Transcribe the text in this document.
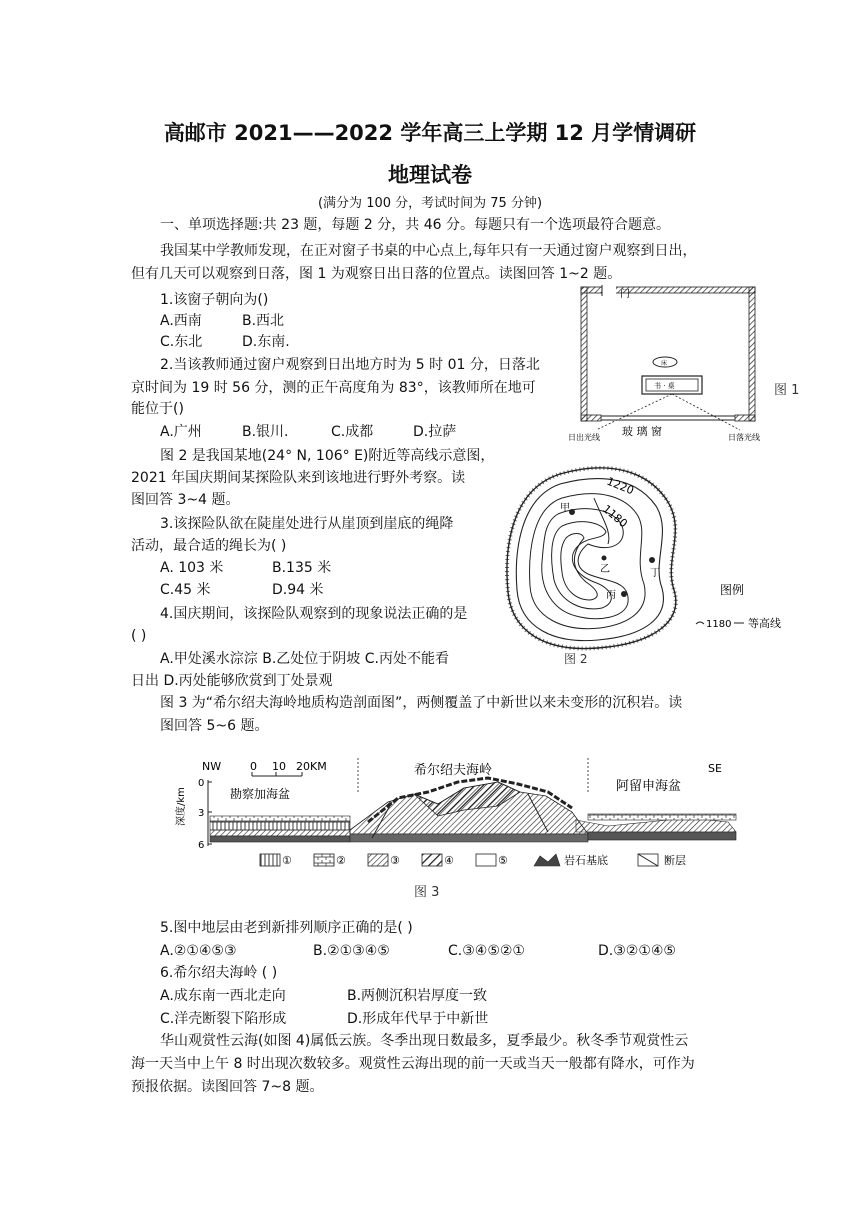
高邮市 2021——2022 学年高三上学期 12 月学情调研
地理试卷
(满分为 100 分，考试时间为 75 分钟)
一、单项选择题:共 23 题，每题 2 分，共 46 分。每题只有一个选项最符合题意。
我国某中学教师发现，在正对窗子书桌的中心点上,每年只有一天通过窗户观察到日出，
但有几天可以观察到日落，图 1 为观察日出日落的位置点。读图回答 1~2 题。
1.该窗子朝向为()
A.西南	B.西北
C.东北	D.东南.
2.当该教师通过窗户观察到日出地方时为 5 时 01 分，日落北
京时间为 19 时 56 分，测的正午高度角为 83°，该教师所在地可
能位于()
A.广州	B.银川.	C.成都	D.拉萨
图 2 是我国某地(24° N, 106° E)附近等高线示意图，
2021 年国庆期间某探险队来到该地进行野外考察。读
图回答 3~4 题。
3.该探险队欲在陡崖处进行从崖顶到崖底的绳降
活动，最合适的绳长为( )
A. 103 米	B.135 米
C.45 米	D.94 米
4.国庆期间，该探险队观察到的现象说法正确的是
( )
A.甲处溪水淙淙 B.乙处位于阴坡 C.丙处不能看
日出 D.丙处能够欣赏到丁处景观
图 3 为“希尔绍夫海岭地质构造剖面图”，两侧覆盖了中新世以来未变形的沉积岩。读
图回答 5~6 题。
5.图中地层由老到新排列顺序正确的是( )
A.②①④⑤③	B.②①③④⑤	C.③④⑤②①	D.③②①④⑤
6.希尔绍夫海岭 ( )
A.成东南一西北走向	B.两侧沉积岩厚度一致
C.洋壳断裂下陷形成	D.形成年代早于中新世
华山观赏性云海(如图 4)属低云族。冬季出现日数最多，夏季最少。秋冬季节观赏性云
海一天当中上午 8 时出现次数较多。观赏性云海出现的前一天或当天一般都有降水，可作为
预报依据。读图回答 7~8 题。
门
床
书 · 桌
玻 璃 窗
日出光线	日落光线
图 1
甲
乙
丙
丁
1220
1180
图例
1180 等高线
图 2
NW	0 10 20KM	SE
希尔绍夫海岭
勘察加海盆	阿留申海盆
深度/km
0
3
6
①	②	③	④	⑤	岩石基底	断层
图 3
